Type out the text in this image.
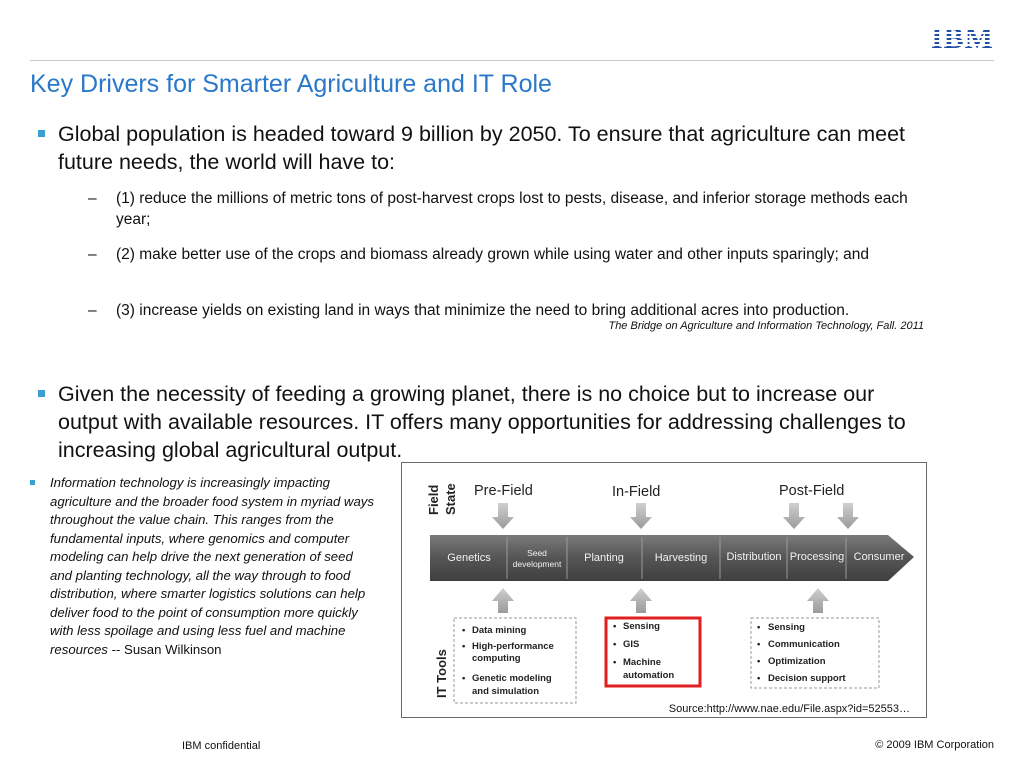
IBM
Key Drivers for Smarter Agriculture and IT Role
Global population is headed toward 9 billion by 2050. To ensure that agriculture can meet future needs, the world will have to:
– (1) reduce the millions of metric tons of post-harvest crops lost to pests, disease, and inferior storage methods each year;
– (2) make better use of the crops and biomass already grown while using water and other inputs sparingly; and
– (3) increase yields on existing land in ways that minimize the need to bring additional acres into production.
The Bridge on Agriculture and Information Technology, Fall. 2011
Given the necessity of feeding a growing planet, there is no choice but to increase our output with available resources. IT offers many opportunities for addressing challenges to increasing global agricultural output.
Information technology is increasingly impacting agriculture and the broader food system in myriad ways throughout the value chain. This ranges from the fundamental inputs, where genomics and computer modeling can help drive the next generation of seed and planting technology, all the way through to food distribution, where smarter logistics solutions can help deliver food to the point of consumption more quickly with less spoilage and using less fuel and machine resources -- Susan Wilkinson
Field State
IT Tools
Pre-Field	In-Field	Post-Field
Genetics	Seed
development Planting	Harvesting Distribution Processing Consumer
• Data mining
• High-performance
computing
• Genetic modeling
and simulation
• Sensing
• GIS
• Machine
automation
• Sensing
• Communication
• Optimization
• Decision support
Source:http://www.nae.edu/File.aspx?id=52553…
IBM confidential	© 2009 IBM Corporation
